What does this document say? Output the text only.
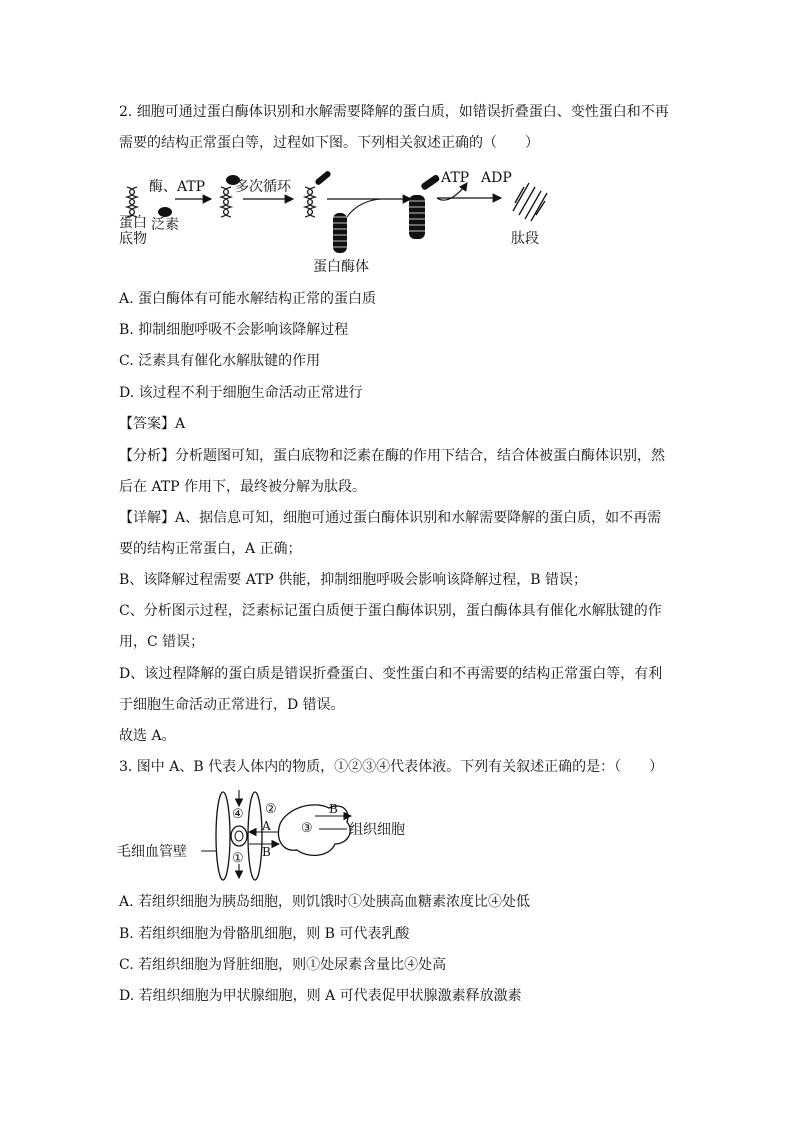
2. 细胞可通过蛋白酶体识别和水解需要降解的蛋白质，如错误折叠蛋白、变性蛋白和不再
需要的结构正常蛋白等，过程如下图。下列相关叙述正确的（　　）
酶、ATP 多次循环
ATP ADP
蛋白
底物
泛素
蛋白酶体
肽段
A. 蛋白酶体有可能水解结构正常的蛋白质
B. 抑制细胞呼吸不会影响该降解过程
C. 泛素具有催化水解肽键的作用
D. 该过程不利于细胞生命活动正常进行
【答案】A
【分析】分析题图可知，蛋白底物和泛素在酶的作用下结合，结合体被蛋白酶体识别，然
后在 ATP 作用下，最终被分解为肽段。
【详解】A、据信息可知，细胞可通过蛋白酶体识别和水解需要降解的蛋白质，如不再需
要的结构正常蛋白，A 正确；
B、该降解过程需要 ATP 供能，抑制细胞呼吸会影响该降解过程，B 错误；
C、分析图示过程，泛素标记蛋白质便于蛋白酶体识别，蛋白酶体具有催化水解肽键的作
用，C 错误；
D、该过程降解的蛋白质是错误折叠蛋白、变性蛋白和不再需要的结构正常蛋白等，有利
于细胞生命活动正常进行，D 错误。
故选 A。
3. 图中 A、B 代表人体内的物质，①②③④代表体液。下列有关叙述正确的是：（　　）
④ ②
③
①
A
B
B
组织细胞
毛细血管壁
A. 若组织细胞为胰岛细胞，则饥饿时①处胰高血糖素浓度比④处低
B. 若组织细胞为骨骼肌细胞，则 B 可代表乳酸
C. 若组织细胞为肾脏细胞，则①处尿素含量比④处高
D. 若组织细胞为甲状腺细胞，则 A 可代表促甲状腺激素释放激素
